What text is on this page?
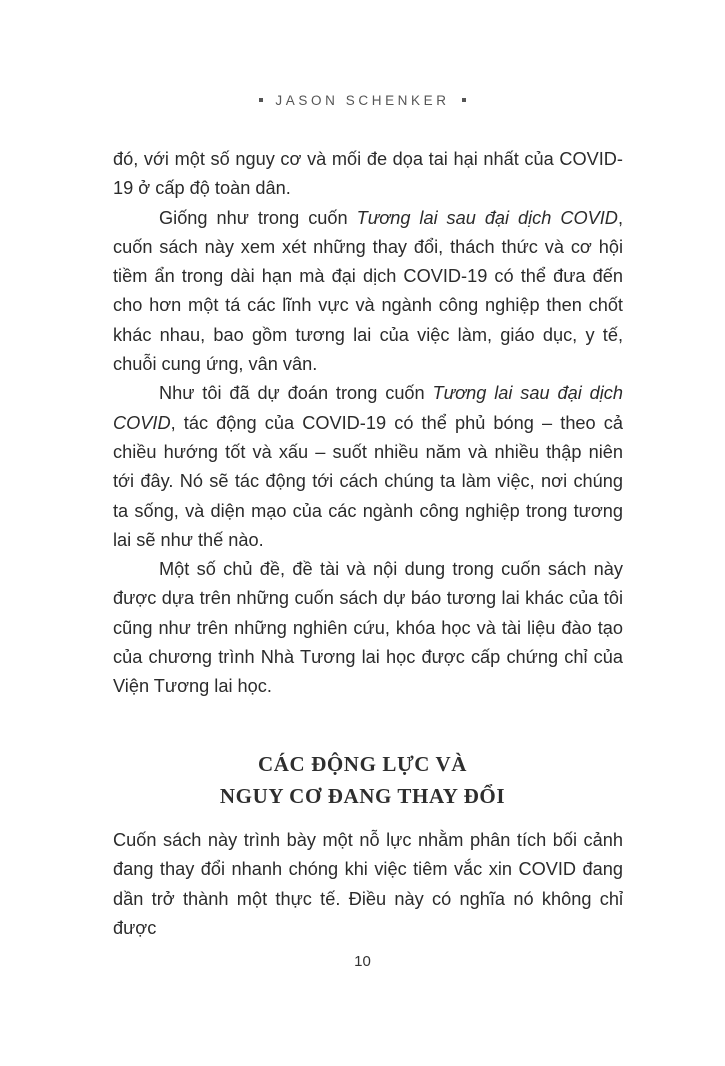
JASON SCHENKER

đó, với một số nguy cơ và mối đe dọa tai hại nhất của COVID-19 ở cấp độ toàn dân.

Giống như trong cuốn Tương lai sau đại dịch COVID, cuốn sách này xem xét những thay đổi, thách thức và cơ hội tiềm ẩn trong dài hạn mà đại dịch COVID-19 có thể đưa đến cho hơn một tá các lĩnh vực và ngành công nghiệp then chốt khác nhau, bao gồm tương lai của việc làm, giáo dục, y tế, chuỗi cung ứng, vân vân.

Như tôi đã dự đoán trong cuốn Tương lai sau đại dịch COVID, tác động của COVID-19 có thể phủ bóng – theo cả chiều hướng tốt và xấu – suốt nhiều năm và nhiều thập niên tới đây. Nó sẽ tác động tới cách chúng ta làm việc, nơi chúng ta sống, và diện mạo của các ngành công nghiệp trong tương lai sẽ như thế nào.

Một số chủ đề, đề tài và nội dung trong cuốn sách này được dựa trên những cuốn sách dự báo tương lai khác của tôi cũng như trên những nghiên cứu, khóa học và tài liệu đào tạo của chương trình Nhà Tương lai học được cấp chứng chỉ của Viện Tương lai học.

CÁC ĐỘNG LỰC VÀ
NGUY CƠ ĐANG THAY ĐỔI

Cuốn sách này trình bày một nỗ lực nhằm phân tích bối cảnh đang thay đổi nhanh chóng khi việc tiêm vắc xin COVID đang dần trở thành một thực tế. Điều này có nghĩa nó không chỉ được

10
